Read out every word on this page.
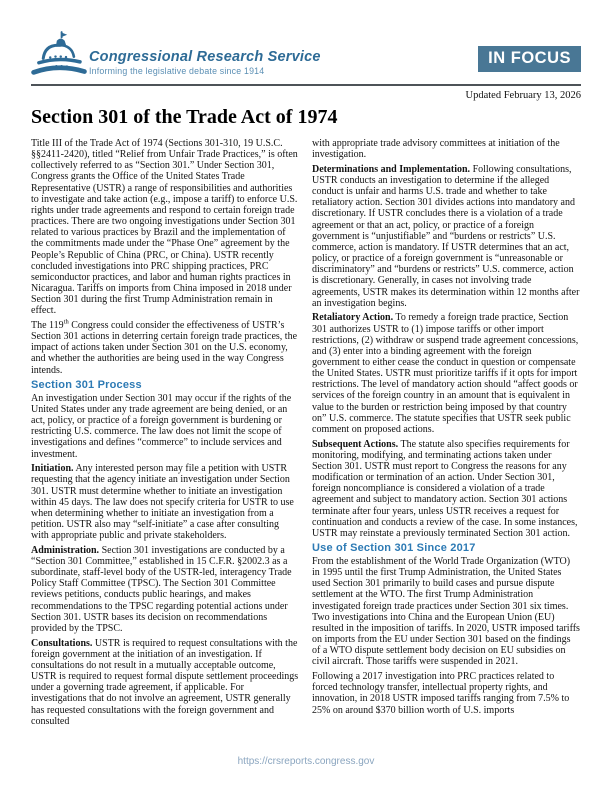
Congressional Research Service
Informing the legislative debate since 1914
IN FOCUS
Updated February 13, 2026
Section 301 of the Trade Act of 1974

Title III of the Trade Act of 1974 (Sections 301-310, 19 U.S.C. §§2411-2420), titled “Relief from Unfair Trade Practices,” is often collectively referred to as “Section 301.” Under Section 301, Congress grants the Office of the United States Trade Representative (USTR) a range of responsibilities and authorities to investigate and take action (e.g., impose a tariff) to enforce U.S. rights under trade agreements and respond to certain foreign trade practices. There are two ongoing investigations under Section 301 related to various practices by Brazil and the implementation of the commitments made under the “Phase One” agreement by the People’s Republic of China (PRC, or China). USTR recently concluded investigations into PRC shipping practices, PRC semiconductor practices, and labor and human rights practices in Nicaragua. Tariffs on imports from China imposed in 2018 under Section 301 during the first Trump Administration remain in effect.

The 119th Congress could consider the effectiveness of USTR’s Section 301 actions in deterring certain foreign trade practices, the impact of actions taken under Section 301 on the U.S. economy, and whether the authorities are being used in the way Congress intends.

Section 301 Process

An investigation under Section 301 may occur if the rights of the United States under any trade agreement are being denied, or an act, policy, or practice of a foreign government is burdening or restricting U.S. commerce. The law does not limit the scope of investigations and defines “commerce” to include services and investment.

Initiation. Any interested person may file a petition with USTR requesting that the agency initiate an investigation under Section 301. USTR must determine whether to initiate an investigation within 45 days. The law does not specify criteria for USTR to use when determining whether to initiate an investigation from a petition. USTR also may “self-initiate” a case after consulting with appropriate public and private stakeholders.

Administration. Section 301 investigations are conducted by a “Section 301 Committee,” established in 15 C.F.R. §2002.3 as a subordinate, staff-level body of the USTR-led, interagency Trade Policy Staff Committee (TPSC). The Section 301 Committee reviews petitions, conducts public hearings, and makes recommendations to the TPSC regarding potential actions under Section 301. USTR bases its decision on recommendations provided by the TPSC.

Consultations. USTR is required to request consultations with the foreign government at the initiation of an investigation. If consultations do not result in a mutually acceptable outcome, USTR is required to request formal dispute settlement proceedings under a governing trade agreement, if applicable. For investigations that do not involve an agreement, USTR generally has requested consultations with the foreign government and consulted

with appropriate trade advisory committees at initiation of the investigation.

Determinations and Implementation. Following consultations, USTR conducts an investigation to determine if the alleged conduct is unfair and harms U.S. trade and whether to take retaliatory action. Section 301 divides actions into mandatory and discretionary. If USTR concludes there is a violation of a trade agreement or that an act, policy, or practice of a foreign government is “unjustifiable” and “burdens or restricts” U.S. commerce, action is mandatory. If USTR determines that an act, policy, or practice of a foreign government is “unreasonable or discriminatory” and “burdens or restricts” U.S. commerce, action is discretionary. Generally, in cases not involving trade agreements, USTR makes its determination within 12 months after an investigation begins.

Retaliatory Action. To remedy a foreign trade practice, Section 301 authorizes USTR to (1) impose tariffs or other import restrictions, (2) withdraw or suspend trade agreement concessions, and (3) enter into a binding agreement with the foreign government to either cease the conduct in question or compensate the United States. USTR must prioritize tariffs if it opts for import restrictions. The level of mandatory action should “affect goods or services of the foreign country in an amount that is equivalent in value to the burden or restriction being imposed by that country on” U.S. commerce. The statute specifies that USTR seek public comment on proposed actions.

Subsequent Actions. The statute also specifies requirements for monitoring, modifying, and terminating actions taken under Section 301. USTR must report to Congress the reasons for any modification or termination of an action. Under Section 301, foreign noncompliance is considered a violation of a trade agreement and subject to mandatory action. Section 301 actions terminate after four years, unless USTR receives a request for continuation and conducts a review of the case. In some instances, USTR may reinstate a previously terminated Section 301 action.

Use of Section 301 Since 2017

From the establishment of the World Trade Organization (WTO) in 1995 until the first Trump Administration, the United States used Section 301 primarily to build cases and pursue dispute settlement at the WTO. The first Trump Administration investigated foreign trade practices under Section 301 six times. Two investigations into China and the European Union (EU) resulted in the imposition of tariffs. In 2020, USTR imposed tariffs on imports from the EU under Section 301 based on the findings of a WTO dispute settlement body decision on EU subsidies on civil aircraft. Those tariffs were suspended in 2021.

Following a 2017 investigation into PRC practices related to forced technology transfer, intellectual property rights, and innovation, in 2018 USTR imposed tariffs ranging from 7.5% to 25% on around $370 billion worth of U.S. imports

https://crsreports.congress.gov
